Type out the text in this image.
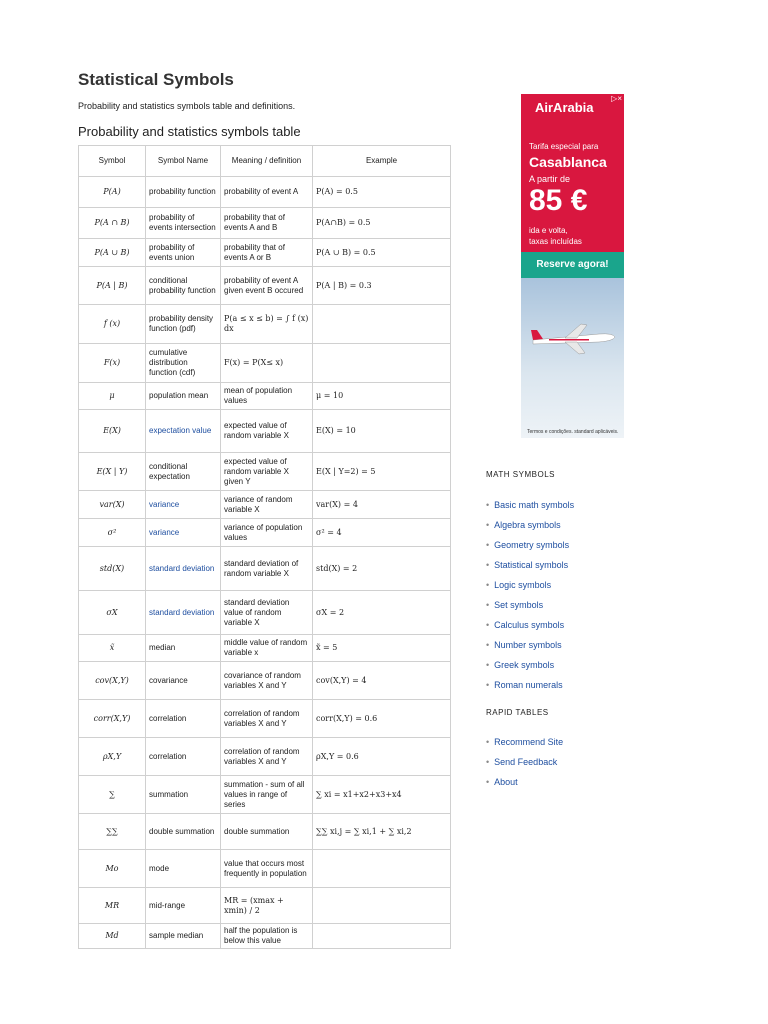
Statistical Symbols
Probability and statistics symbols table and definitions.
Probability and statistics symbols table
Symbol	Symbol Name	Meaning / definition	Example
P(A)	probability function	probability of event A	P(A) = 0.5
P(A ∩ B)	probability of events intersection	probability that of events A and B	P(A∩B) = 0.5
P(A ∪ B)	probability of events union	probability that of events A or B	P(A ∪ B) = 0.5
P(A | B)	conditional probability function	probability of event A given event B occured	P(A | B) = 0.3
f (x)	probability density function (pdf)	P(a ≤ x ≤ b) = ∫ f (x) dx	
F(x)	cumulative distribution function (cdf)	F(x) = P(X≤ x)	
μ	population mean	mean of population values	μ = 10
E(X)	expectation value	expected value of random variable X	E(X) = 10
E(X | Y)	conditional expectation	expected value of random variable X given Y	E(X | Y=2) = 5
var(X)	variance	variance of random variable X	var(X) = 4
σ²	variance	variance of population values	σ² = 4
std(X)	standard deviation	standard deviation of random variable X	std(X) = 2
σX	standard deviation	standard deviation value of random variable X	σX = 2
x̃	median	middle value of random variable x	x̃ = 5
cov(X,Y)	covariance	covariance of random variables X and Y	cov(X,Y) = 4
corr(X,Y)	correlation	correlation of random variables X and Y	corr(X,Y) = 0.6
ρX,Y	correlation	correlation of random variables X and Y	ρX,Y = 0.6
∑	summation	summation - sum of all values in range of series	∑ xi = x1+x2+x3+x4
∑∑	double summation	double summation	∑∑ xi,j = ∑ xi,1 + ∑ xi,2
Mo	mode	value that occurs most frequently in population	
MR	mid-range	MR = (xmax + xmin) / 2	
Md	sample median	half the population is below this value	
AirArabia
▷×
Tarifa especial para
Casablanca
A partir de
85 €
ida e volta,
taxas incluídas
Reserve agora!
Termos e condições. standard aplicáveis.
MATH SYMBOLS
• Basic math symbols
• Algebra symbols
• Geometry symbols
• Statistical symbols
• Logic symbols
• Set symbols
• Calculus symbols
• Number symbols
• Greek symbols
• Roman numerals
RAPID TABLES
• Recommend Site
• Send Feedback
• About
